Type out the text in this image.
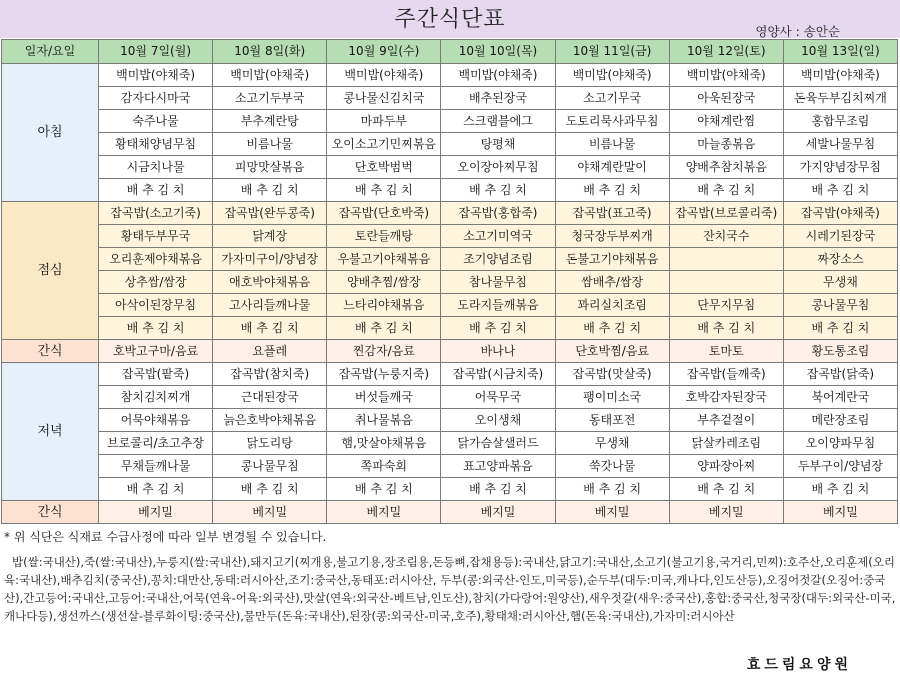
주간식단표	영양사 : 송안순
일자/요일	10월 7일(월)	10월 8일(화)	10월 9일(수)	10월 10일(목)	10월 11일(금)	10월 12일(토)	10월 13일(일)
아침	백미밥(야채죽)	백미밥(야채죽)	백미밥(야채죽)	백미밥(야채죽)	백미밥(야채죽)	백미밥(야채죽)	백미밥(야채죽)
	감자다시마국	소고기두부국	콩나물신김치국	배추된장국	소고기무국	아욱된장국	돈육두부김치찌개
	숙주나물	부추계란탕	마파두부	스크램블에그	도토리묵사과무침	야채계란찜	홍합무조림
	황태채양념무침	비름나물	오이소고기민찌볶음	탕평채	비름나물	마늘종볶음	세발나물무침
	시금치나물	피망맛살볶음	단호박범벅	오이장아찌무침	야채계란말이	양배추참치볶음	가지양념장무침
	배 추 김 치	배 추 김 치	배 추 김 치	배 추 김 치	배 추 김 치	배 추 김 치	배 추 김 치
점심	잡곡밥(소고기죽)	잡곡밥(완두콩죽)	잡곡밥(단호박죽)	잡곡밥(홍합죽)	잡곡밥(표고죽)	잡곡밥(브로콜리죽)	잡곡밥(야채죽)
	황태두부무국	닭계장	토란들깨탕	소고기미역국	청국장두부찌개	잔치국수	시레기된장국
	오리훈제야채볶음	가자미구이/양념장	우불고기야채볶음	조기양념조림	돈불고기야채볶음		짜장소스
	상추쌈/쌈장	애호박야채볶음	양배추찜/쌈장	참나물무침	쌈배추/쌈장		무생채
	아삭이된장무침	고사리들깨나물	느타리야채볶음	도라지들깨볶음	꽈리실치조림	단무지무침	콩나물무침
	배 추 김 치	배 추 김 치	배 추 김 치	배 추 김 치	배 추 김 치	배 추 김 치	배 추 김 치
간식	호박고구마/음료	요플레	찐감자/음료	바나나	단호박찜/음료	토마토	황도통조림
저녁	잡곡밥(팥죽)	잡곡밥(참치죽)	잡곡밥(누룽지죽)	잡곡밥(시금치죽)	잡곡밥(맛살죽)	잡곡밥(들깨죽)	잡곡밥(닭죽)
	참치김치찌개	근대된장국	버섯들깨국	어묵무국	팽이미소국	호박감자된장국	북어계란국
	어묵야채볶음	늙은호박야채볶음	취나물볶음	오이생채	동태포전	부추겉절이	메란장조림
	브로콜리/초고추장	닭도리탕	햄,맛살야채볶음	닭가슴살샐러드	무생채	닭살카레조림	오이양파무침
	무채들깨나물	콩나물무침	쪽파숙회	표고양파볶음	쑥갓나물	양파장아찌	두부구이/양념장
	배 추 김 치	배 추 김 치	배 추 김 치	배 추 김 치	배 추 김 치	배 추 김 치	배 추 김 치
간식	베지밀	베지밀	베지밀	베지밀	베지밀	베지밀	베지밀
* 위 식단은 식재료 수급사정에 따라 일부 변경될 수 있습니다.
밥(쌀:국내산),죽(쌀:국내산),누룽지(쌀:국내산),돼지고기(찌개용,불고기용,장조림용,돈등뼈,잡채용등):국내산,닭고기:국내산,소고기(불고기용,국거리,민찌):호주산,오리훈제(오리육:국내산),배추김치(중국산),꽁치:대만산,동태:러시아산,조기:중국산,동태포:러시아산, 두부(콩:외국산-인도,미국등),순두부(대두:미국,캐나다,인도산등),오징어젓갈(오징어:중국산),간고등어:국내산,고등어:국내산,어묵(연육-어육:외국산),맛살(연육:외국산-베트남,인도산),참치(가다랑어:원양산),새우젓갈(새우:중국산),홍합:중국산,청국장(대두:외국산-미국,캐나다등),생선까스(생선살-블루화이팅:중국산),물만두(돈육:국내산),된장(콩:외국산-미국,호주),황태채:러시아산,햄(돈육:국내산),가자미:러시아산
효드림요양원
